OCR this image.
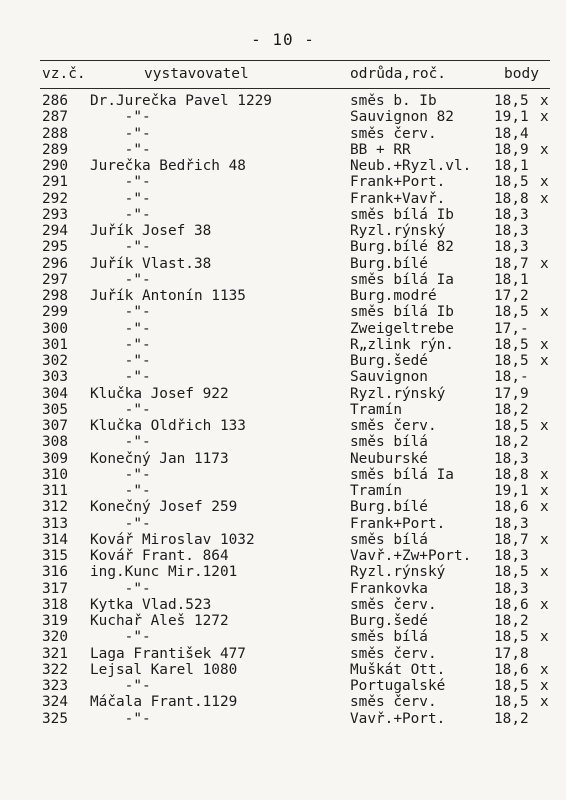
- 10 -
vz.č.	vystavovatel	odrůda,roč.	body
286 Dr.Jurečka Pavel 1229	směs b. Ib	18,5 x
287 -"-	Sauvignon 82	19,1 x
288 -"-	směs červ.	18,4
289 -"-	BB + RR	18,9 x
290 Jurečka Bedřich 48	Neub.+Ryzl.vl. 18,1
291 -"-	Frank+Port.	18,5 x
292 -"-	Frank+Vavř.	18,8 x
293 -"-	směs bílá Ib	18,3
294 Juřík Josef 38	Ryzl.rýnský	18,3
295 -"-	Burg.bílé 82	18,3
296 Juřík Vlast.38	Burg.bílé	18,7 x
297 -"-	směs bílá Ia	18,1
298 Juřík Antonín 1135	Burg.modré	17,2
299 -"-	směs bílá Ib	18,5 x
300 -"-	Zweigeltrebe	17,-
301 -"-	R„zlink rýn.	18,5 x
302 -"-	Burg.šedé	18,5 x
303 -"-	Sauvignon	18,-
304 Klučka Josef 922	Ryzl.rýnský	17,9
305 -"-	Tramín	18,2
307 Klučka Oldřich 133	směs červ.	18,5 x
308 -"-	směs bílá	18,2
309 Konečný Jan 1173	Neuburské	18,3
310 -"-	směs bílá Ia	18,8 x
311 -"-	Tramín	19,1 x
312 Konečný Josef 259	Burg.bílé	18,6 x
313 -"-	Frank+Port.	18,3
314 Kovář Miroslav 1032	směs bílá	18,7 x
315 Kovář Frant. 864	Vavř.+Zw+Port. 18,3
316 ing.Kunc Mir.1201	Ryzl.rýnský	18,5 x
317 -"-	Frankovka	18,3
318 Kytka Vlad.523	směs červ.	18,6 x
319 Kuchař Aleš 1272	Burg.šedé	18,2
320 -"-	směs bílá	18,5 x
321 Laga František 477	směs červ.	17,8
322 Lejsal Karel 1080	Muškát Ott.	18,6 x
323 -"-	Portugalské	18,5 x
324 Máčala Frant.1129	směs červ.	18,5 x
325 -"-	Vavř.+Port.	18,2
